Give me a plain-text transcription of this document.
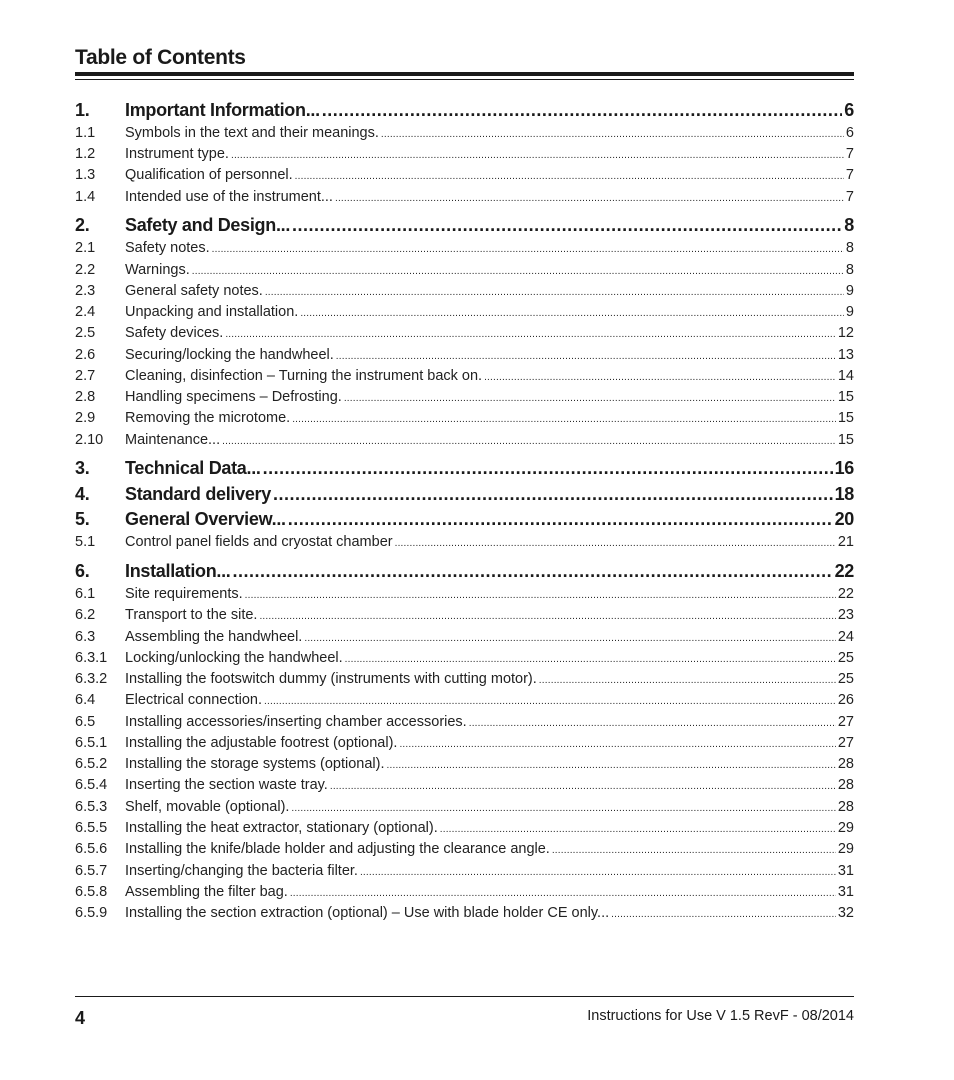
Table of Contents
1.	Important Information... .....	6
1.1	Symbols in the text and their meanings. .....	6
1.2	Instrument type. .....	7
1.3	Qualification of personnel. .....	7
1.4	Intended use of the instrument... .....	7
2.	Safety and Design... .....	8
2.1	Safety notes. .....	8
2.2	Warnings. .....	8
2.3	General safety notes. .....	9
2.4	Unpacking and installation. .....	9
2.5	Safety devices. .....	12
2.6	Securing/locking the handwheel. .....	13
2.7	Cleaning, disinfection – Turning the instrument back on. .....	14
2.8	Handling specimens – Defrosting. .....	15
2.9	Removing the microtome. .....	15
2.10	Maintenance... .....	15
3.	Technical Data... .....	16
4.	Standard delivery .....	18
5.	General Overview... .....	20
5.1	Control panel fields and cryostat chamber .....	21
6.	Installation... .....	22
6.1	Site requirements. .....	22
6.2	Transport to the site. .....	23
6.3	Assembling the handwheel. .....	24
6.3.1	Locking/unlocking the handwheel. .....	25
6.3.2	Installing the footswitch dummy (instruments with cutting motor). .....	25
6.4	Electrical connection. .....	26
6.5	Installing accessories/inserting chamber accessories. .....	27
6.5.1	Installing the adjustable footrest (optional). .....	27
6.5.2	Installing the storage systems (optional). .....	28
6.5.4	Inserting the section waste tray. .....	28
6.5.3	Shelf, movable (optional). .....	28
6.5.5	Installing the heat extractor, stationary (optional). .....	29
6.5.6	Installing the knife/blade holder and adjusting the clearance angle. .....	29
6.5.7	Inserting/changing the bacteria filter. .....	31
6.5.8	Assembling the filter bag. .....	31
6.5.9	Installing the section extraction (optional) – Use with blade holder CE only... .....	32
4	Instructions for Use V 1.5 RevF - 08/2014
